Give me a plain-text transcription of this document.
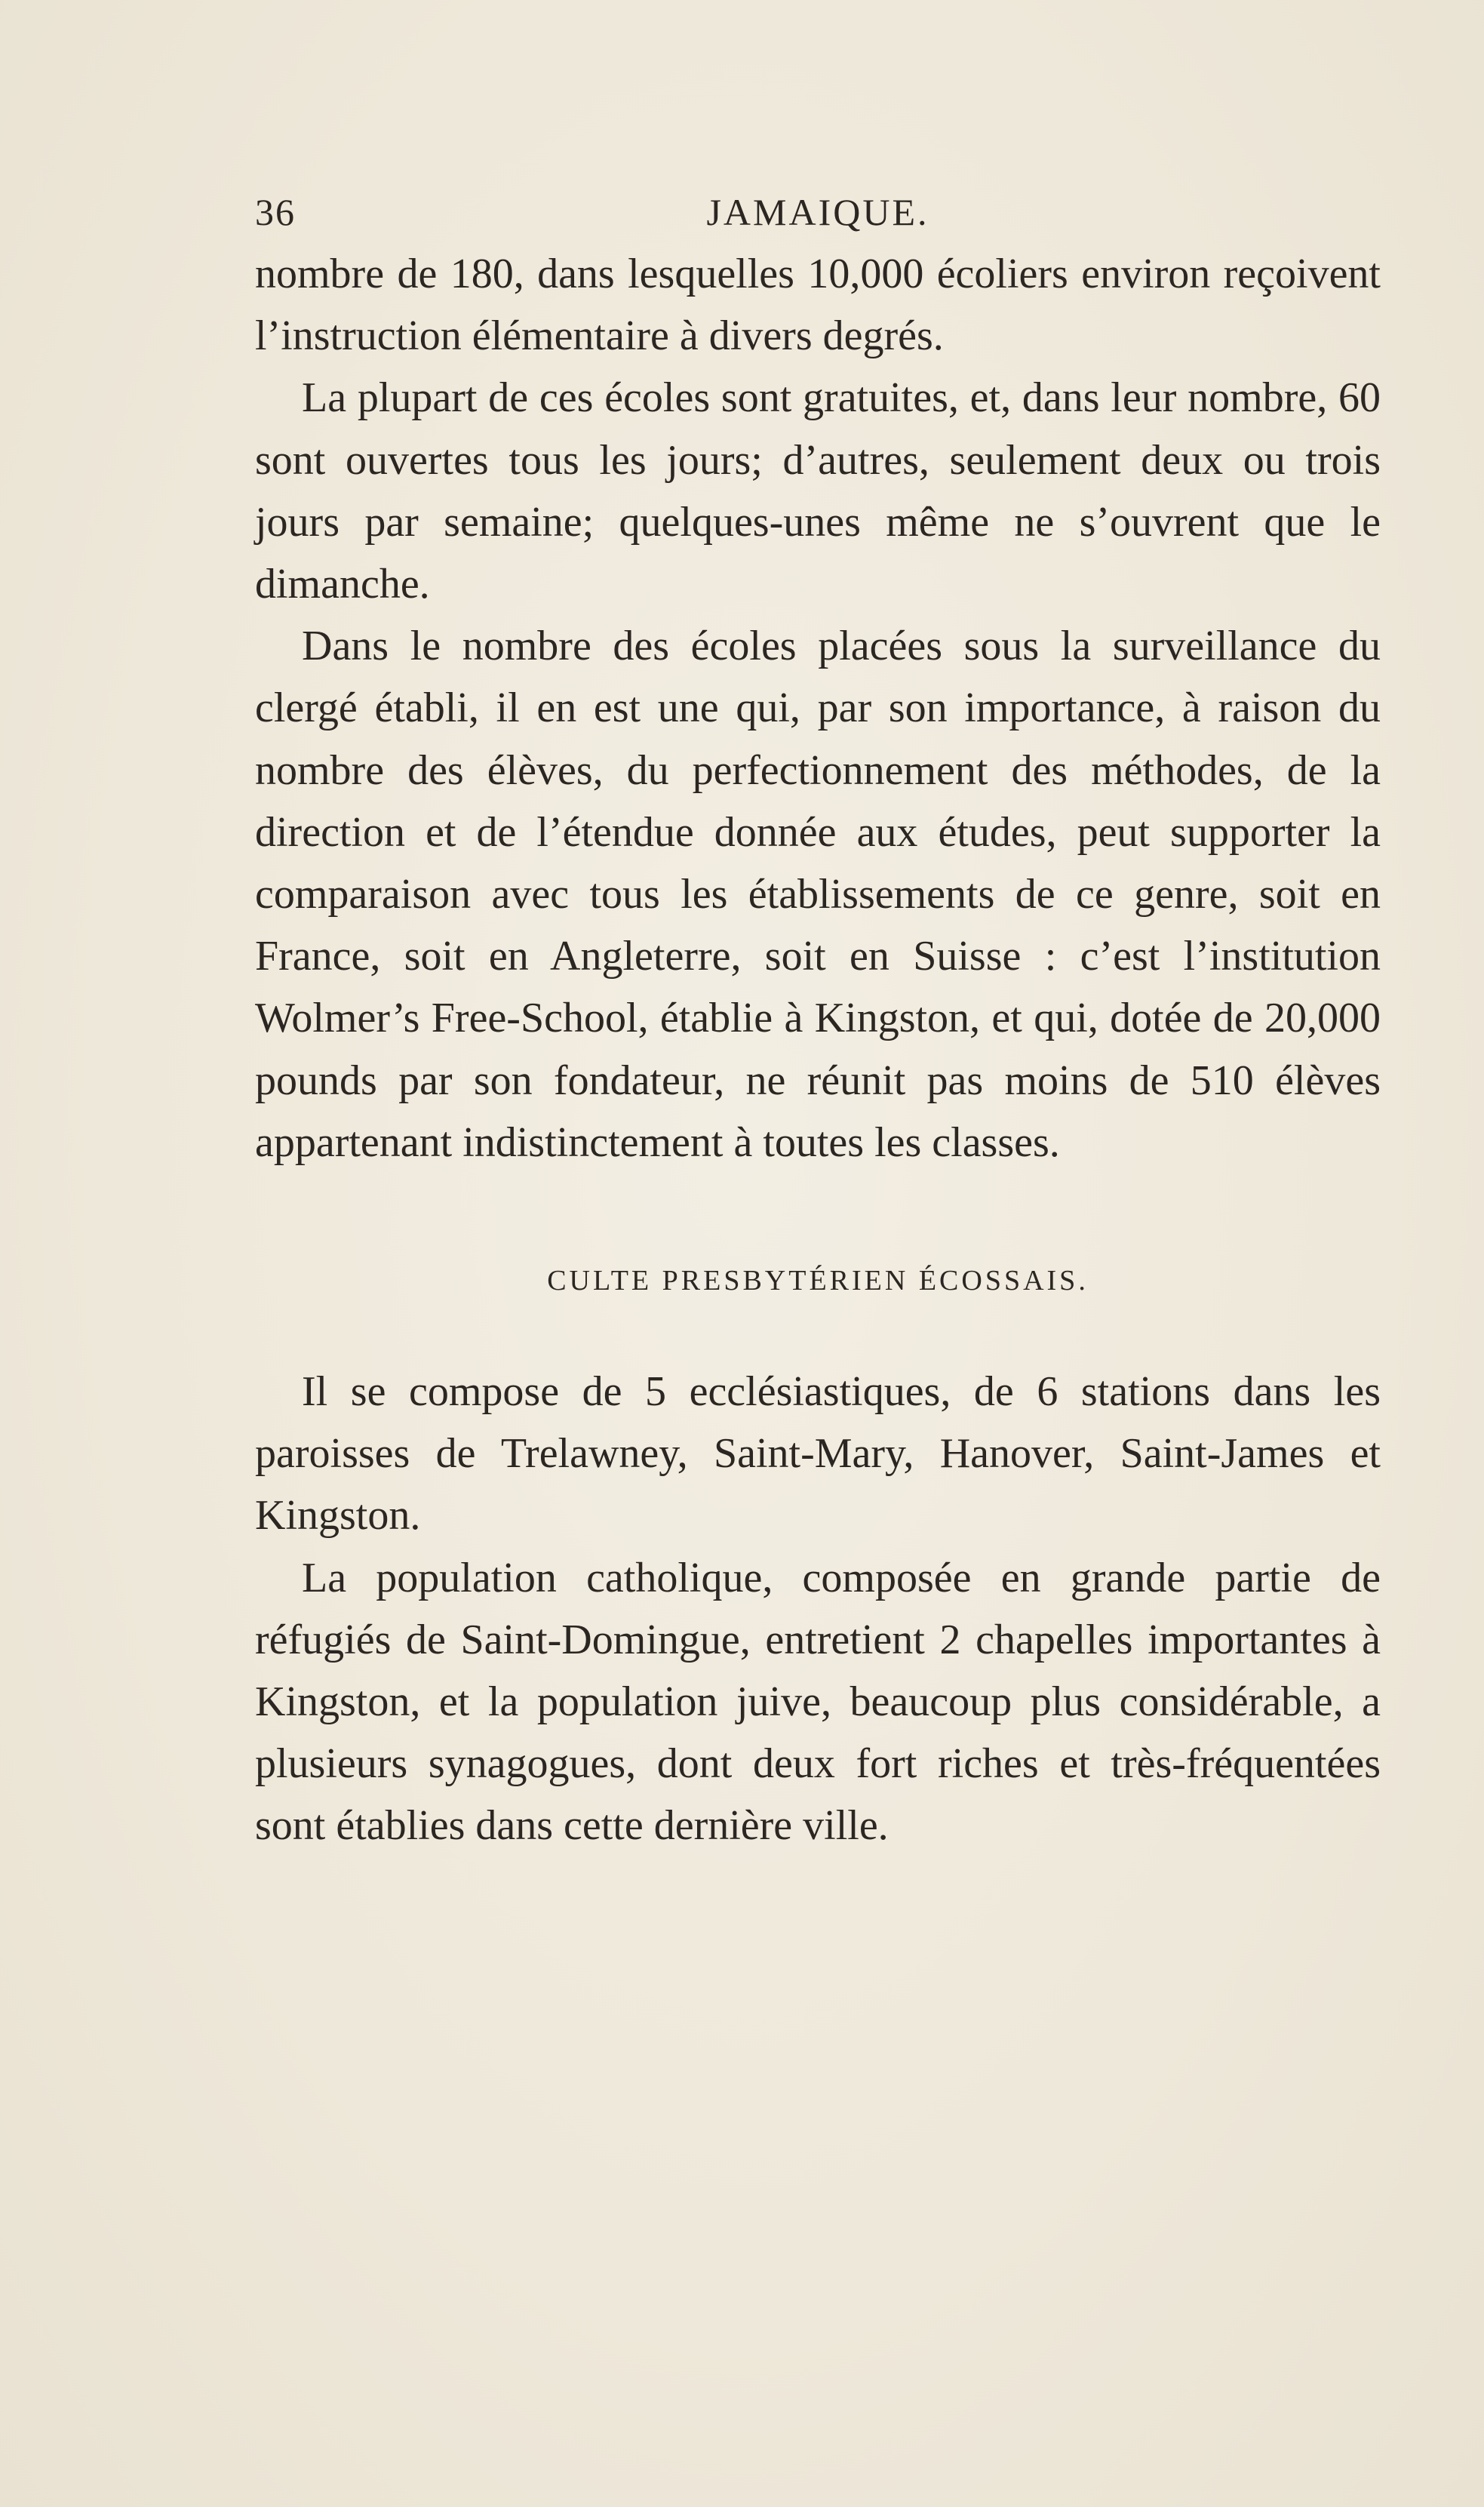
36	JAMAIQUE.

nombre de 180, dans lesquelles 10,000 écoliers environ reçoivent l’instruction élémentaire à divers degrés.

La plupart de ces écoles sont gratuites, et, dans leur nombre, 60 sont ouvertes tous les jours; d’autres, seulement deux ou trois jours par semaine; quelques-unes même ne s’ouvrent que le dimanche.

Dans le nombre des écoles placées sous la surveillance du clergé établi, il en est une qui, par son importance, à raison du nombre des élèves, du perfectionnement des méthodes, de la direction et de l’étendue donnée aux études, peut supporter la comparaison avec tous les établissements de ce genre, soit en France, soit en Angleterre, soit en Suisse : c’est l’institution Wolmer’s Free-School, établie à Kingston, et qui, dotée de 20,000 pounds par son fondateur, ne réunit pas moins de 510 élèves appartenant indistinctement à toutes les classes.

CULTE PRESBYTÉRIEN ÉCOSSAIS.

Il se compose de 5 ecclésiastiques, de 6 stations dans les paroisses de Trelawney, Saint-Mary, Hanover, Saint-James et Kingston.

La population catholique, composée en grande partie de réfugiés de Saint-Domingue, entretient 2 chapelles importantes à Kingston, et la population juive, beaucoup plus considérable, a plusieurs synagogues, dont deux fort riches et très-fréquentées sont établies dans cette dernière ville.
